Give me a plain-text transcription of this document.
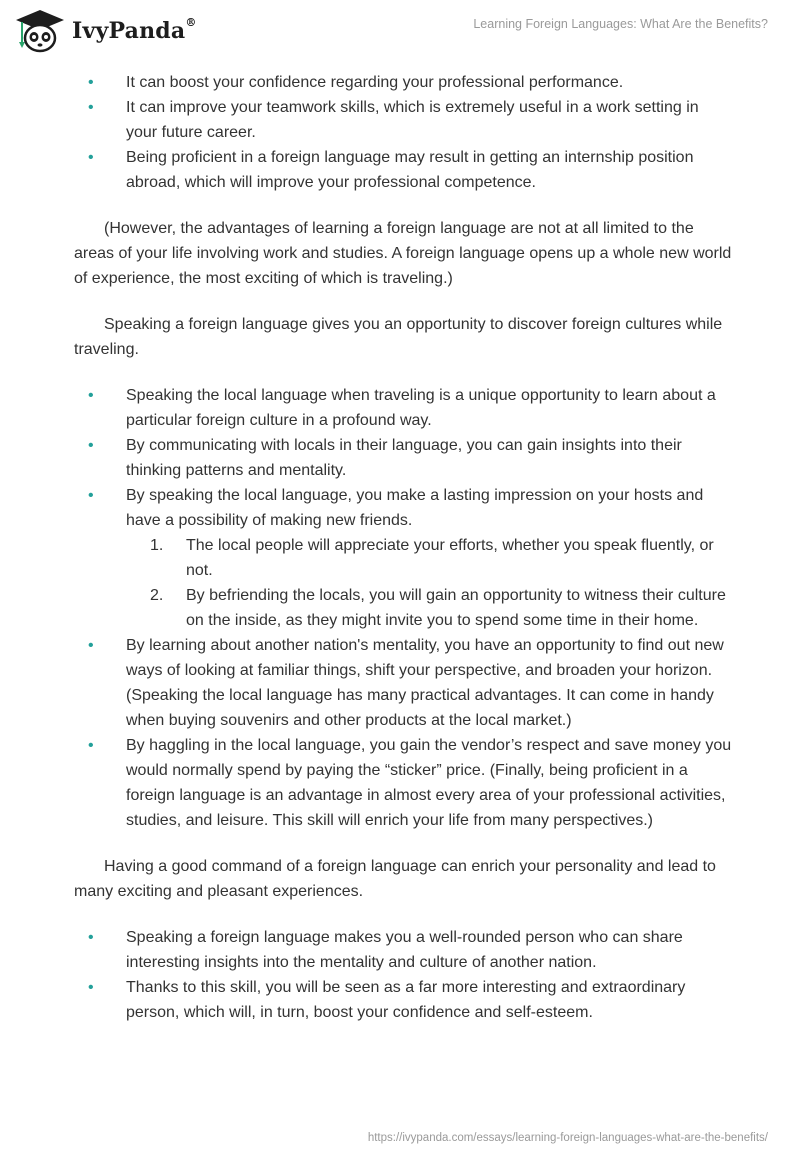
IvyPanda®	Learning Foreign Languages: What Are the Benefits?
• It can boost your confidence regarding your professional performance.
• It can improve your teamwork skills, which is extremely useful in a work setting in your future career.
• Being proficient in a foreign language may result in getting an internship position abroad, which will improve your professional competence.

(However, the advantages of learning a foreign language are not at all limited to the areas of your life involving work and studies. A foreign language opens up a whole new world of experience, the most exciting of which is traveling.)

Speaking a foreign language gives you an opportunity to discover foreign cultures while traveling.

• Speaking the local language when traveling is a unique opportunity to learn about a particular foreign culture in a profound way.
• By communicating with locals in their language, you can gain insights into their thinking patterns and mentality.
• By speaking the local language, you make a lasting impression on your hosts and have a possibility of making new friends.
1. The local people will appreciate your efforts, whether you speak fluently, or not.
2. By befriending the locals, you will gain an opportunity to witness their culture on the inside, as they might invite you to spend some time in their home.
• By learning about another nation's mentality, you have an opportunity to find out new ways of looking at familiar things, shift your perspective, and broaden your horizon. (Speaking the local language has many practical advantages. It can come in handy when buying souvenirs and other products at the local market.)
• By haggling in the local language, you gain the vendor’s respect and save money you would normally spend by paying the “sticker” price. (Finally, being proficient in a foreign language is an advantage in almost every area of your professional activities, studies, and leisure. This skill will enrich your life from many perspectives.)

Having a good command of a foreign language can enrich your personality and lead to many exciting and pleasant experiences.

• Speaking a foreign language makes you a well-rounded person who can share interesting insights into the mentality and culture of another nation.
• Thanks to this skill, you will be seen as a far more interesting and extraordinary person, which will, in turn, boost your confidence and self-esteem.
https://ivypanda.com/essays/learning-foreign-languages-what-are-the-benefits/
